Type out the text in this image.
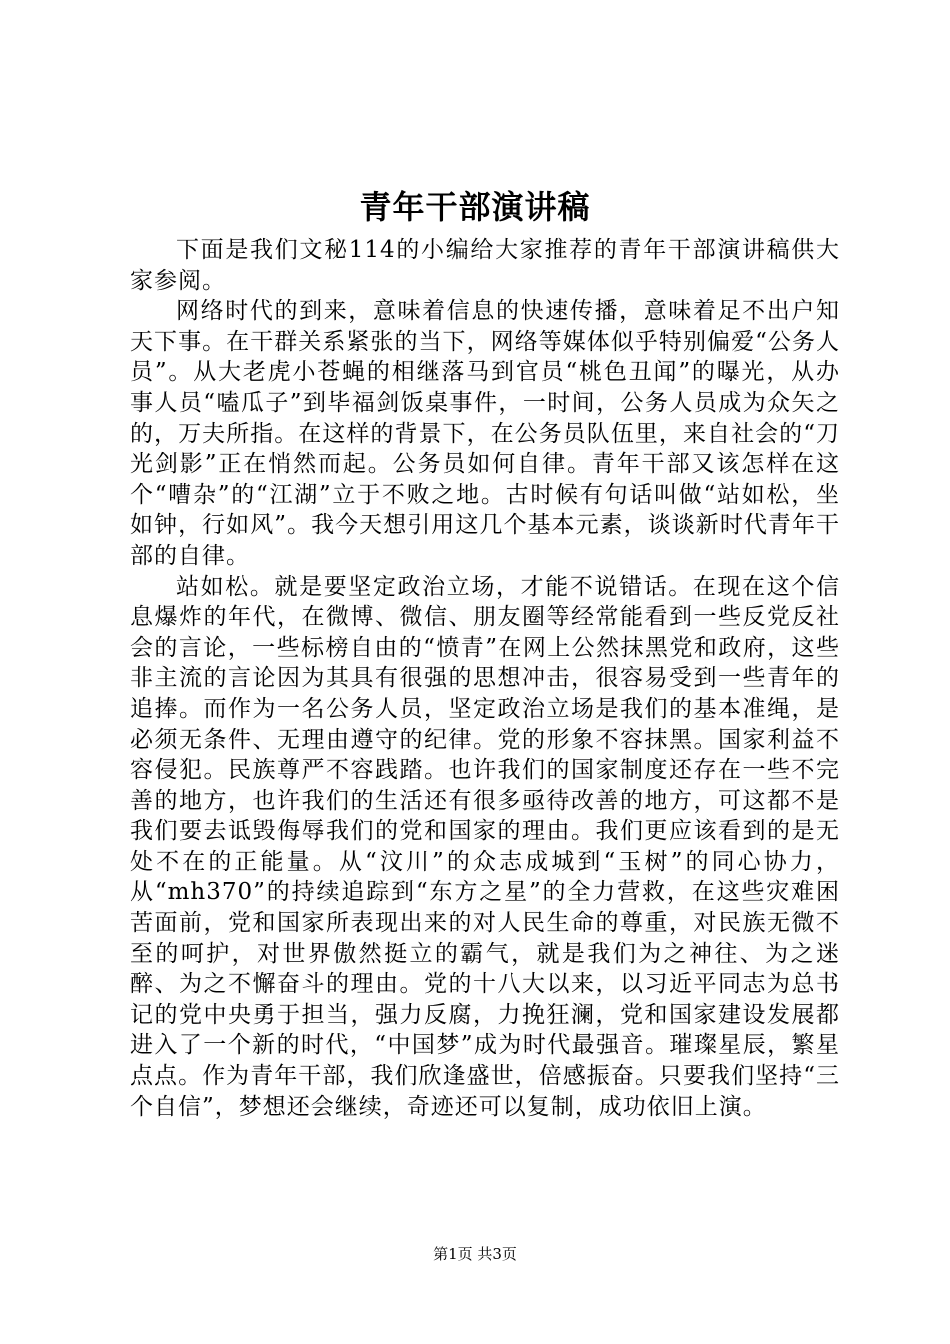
青年干部演讲稿

下面是我们文秘114的小编给大家推荐的青年干部演讲稿供大家参阅。

网络时代的到来，意味着信息的快速传播，意味着足不出户知天下事。在干群关系紧张的当下，网络等媒体似乎特别偏爱“公务人员”。从大老虎小苍蝇的相继落马到官员“桃色丑闻”的曝光，从办事人员“嗑瓜子”到毕福剑饭桌事件，一时间，公务人员成为众矢之的，万夫所指。在这样的背景下，在公务员队伍里，来自社会的“刀光剑影”正在悄然而起。公务员如何自律。青年干部又该怎样在这个“嘈杂”的“江湖”立于不败之地。古时候有句话叫做“站如松，坐如钟，行如风”。我今天想引用这几个基本元素，谈谈新时代青年干部的自律。

站如松。就是要坚定政治立场，才能不说错话。在现在这个信息爆炸的年代，在微博、微信、朋友圈等经常能看到一些反党反社会的言论，一些标榜自由的“愤青”在网上公然抹黑党和政府，这些非主流的言论因为其具有很强的思想冲击，很容易受到一些青年的追捧。而作为一名公务人员，坚定政治立场是我们的基本准绳，是必须无条件、无理由遵守的纪律。党的形象不容抹黑。国家利益不容侵犯。民族尊严不容践踏。也许我们的国家制度还存在一些不完善的地方，也许我们的生活还有很多亟待改善的地方，可这都不是我们要去诋毁侮辱我们的党和国家的理由。我们更应该看到的是无处不在的正能量。从“汶川”的众志成城到“玉树”的同心协力，从“mh370”的持续追踪到“东方之星”的全力营救，在这些灾难困苦面前，党和国家所表现出来的对人民生命的尊重，对民族无微不至的呵护，对世界傲然挺立的霸气，就是我们为之神往、为之迷醉、为之不懈奋斗的理由。党的十八大以来，以习近平同志为总书记的党中央勇于担当，强力反腐，力挽狂澜，党和国家建设发展都进入了一个新的时代，“中国梦”成为时代最强音。璀璨星辰，繁星点点。作为青年干部，我们欣逢盛世，倍感振奋。只要我们坚持“三个自信”，梦想还会继续，奇迹还可以复制，成功依旧上演。

第1页 共3页
